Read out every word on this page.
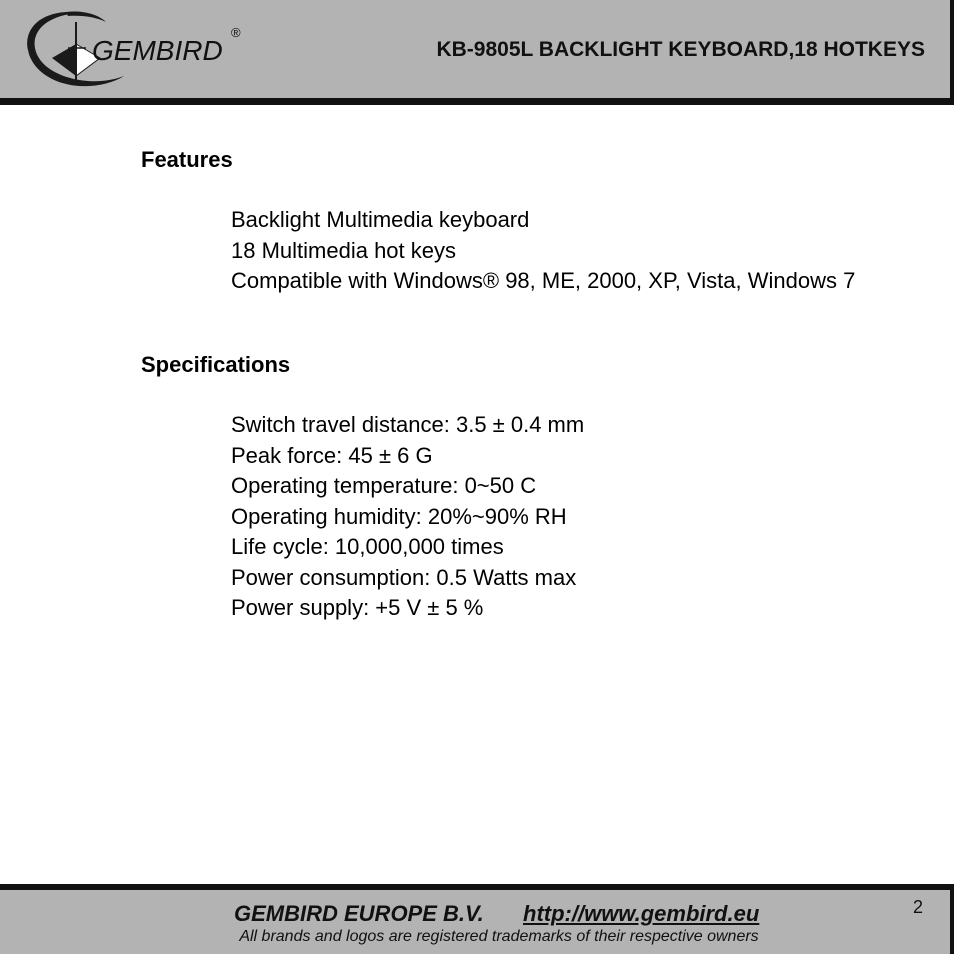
GEMBIRD
®
KB-9805L BACKLIGHT KEYBOARD,18 HOTKEYS
Features
Backlight Multimedia keyboard
18 Multimedia hot keys
Compatible with Windows® 98, ME, 2000, XP, Vista, Windows 7
Specifications
Switch travel distance: 3.5 ± 0.4 mm
Peak force: 45 ± 6 G
Operating temperature: 0~50 C
Operating humidity: 20%~90% RH
Life cycle: 10,000,000 times
Power consumption: 0.5 Watts max
Power supply: +5 V ± 5 %
GEMBIRD EUROPE B.V. http://www.gembird.eu
All brands and logos are registered trademarks of their respective owners
2
